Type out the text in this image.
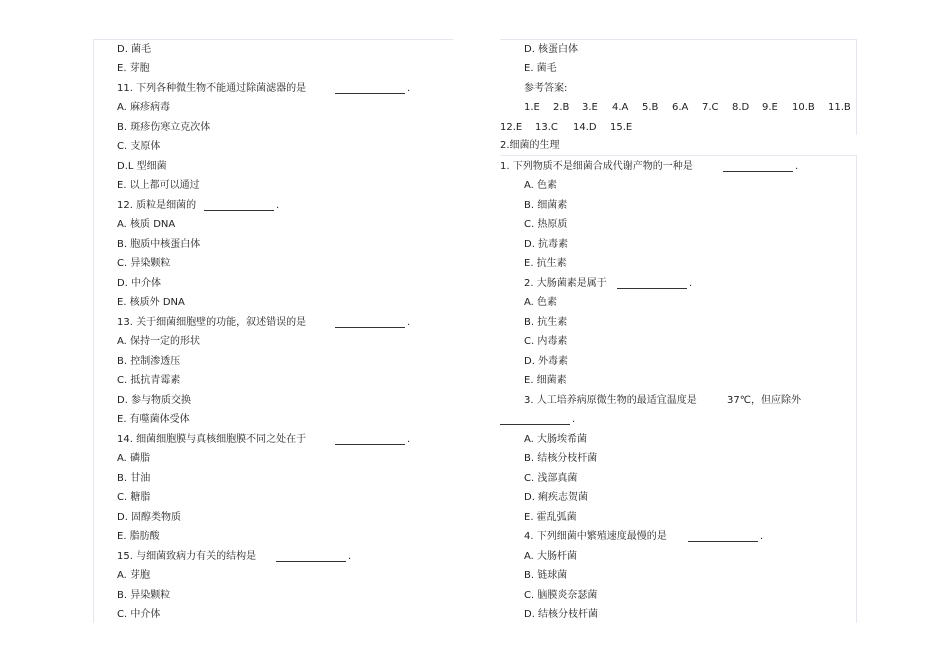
D. 菌毛
E. 芽胞
11. 下列各种微生物不能通过除菌滤器的是	.
A. 麻疹病毒
B. 斑疹伤寒立克次体
C. 支原体
D.L 型细菌
E. 以上都可以通过
12. 质粒是细菌的	.
A. 核质 DNA
B. 胞质中核蛋白体
C. 异染颗粒
D. 中介体
E. 核质外 DNA
13. 关于细菌细胞壁的功能，叙述错误的是	.
A. 保持一定的形状
B. 控制渗透压
C. 抵抗青霉素
D. 参与物质交换
E. 有噬菌体受体
14. 细菌细胞膜与真核细胞膜不同之处在于	.
A. 磷脂
B. 甘油
C. 糖脂
D. 固醇类物质
E. 脂肪酸
15. 与细菌致病力有关的结构是	.
A. 芽胞
B. 异染颗粒
C. 中介体
D. 核蛋白体
E. 菌毛
参考答案:
1.E 2.B 3.E 4.A 5.B 6.A 7.C 8.D 9.E 10.B 11.B
12.E 13.C 14.D 15.E
2.细菌的生理
1. 下列物质不是细菌合成代谢产物的一种是	.
A. 色素
B. 细菌素
C. 热原质
D. 抗毒素
E. 抗生素
2. 大肠菌素是属于	.
A. 色素
B. 抗生素
C. 内毒素
D. 外毒素
E. 细菌素
3. 人工培养病原微生物的最适宜温度是	37℃，但应除外
.
A. 大肠埃希菌
B. 结核分枝杆菌
C. 浅部真菌
D. 痢疾志贺菌
E. 霍乱弧菌
4. 下列细菌中繁殖速度最慢的是	.
A. 大肠杆菌
B. 链球菌
C. 脑膜炎奈瑟菌
D. 结核分枝杆菌
